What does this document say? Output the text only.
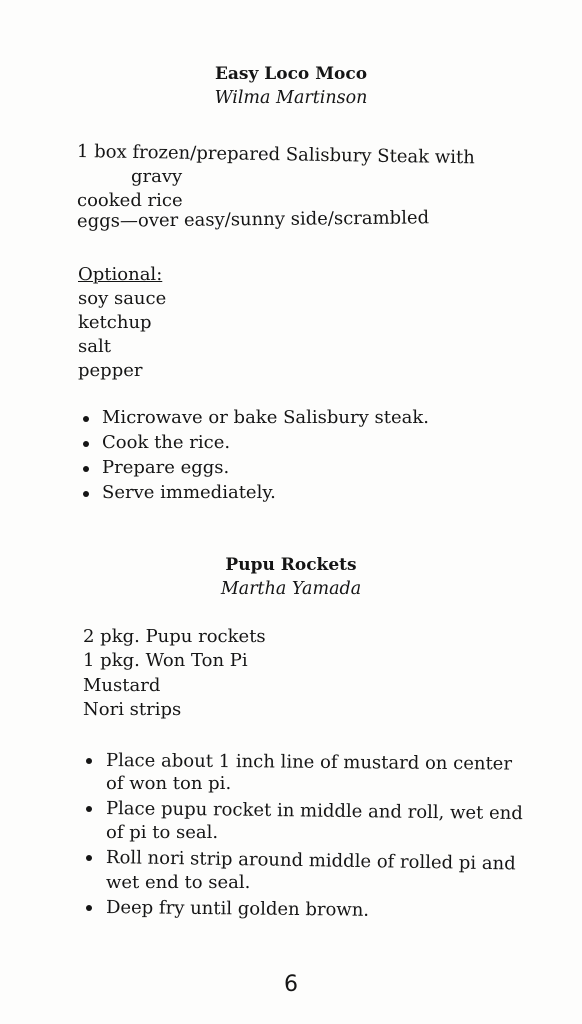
Easy Loco Moco
Wilma Martinson
1 box frozen/prepared Salisbury Steak with
gravy
cooked rice
eggs—over easy/sunny side/scrambled
Optional:
soy sauce
ketchup
salt
pepper
Microwave or bake Salisbury steak.
Cook the rice.
Prepare eggs.
Serve immediately.
Pupu Rockets
Martha Yamada
2 pkg. Pupu rockets
1 pkg. Won Ton Pi
Mustard
Nori strips
Place about 1 inch line of mustard on center
of won ton pi.
Place pupu rocket in middle and roll, wet end
of pi to seal.
Roll nori strip around middle of rolled pi and
wet end to seal.
Deep fry until golden brown.
6
